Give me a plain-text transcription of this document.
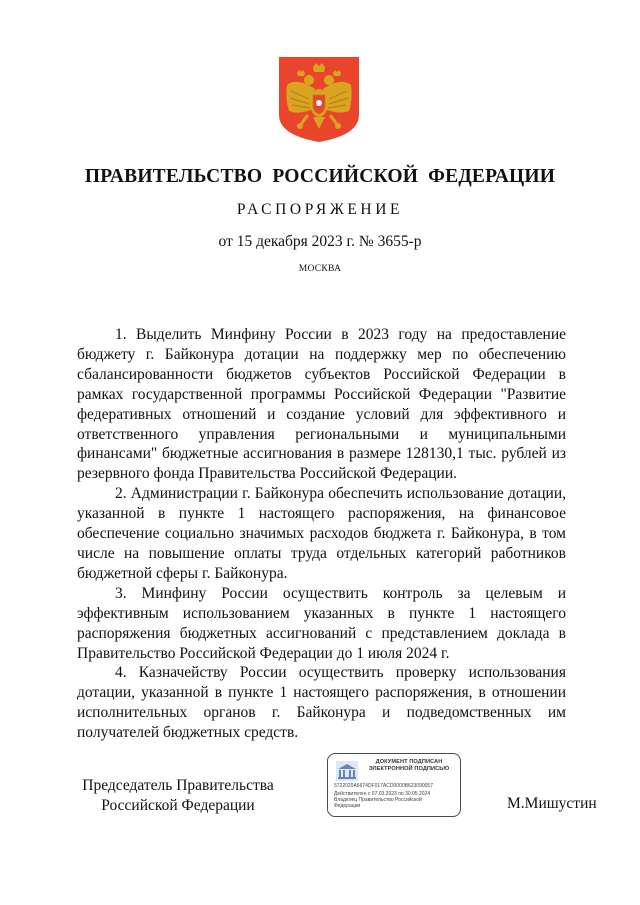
ПРАВИТЕЛЬСТВО РОССИЙСКОЙ ФЕДЕРАЦИИ
РАСПОРЯЖЕНИЕ
от 15 декабря 2023 г. № 3655-р
МОСКВА

1. Выделить Минфину России в 2023 году на предоставление бюджету г. Байконура дотации на поддержку мер по обеспечению сбалансированности бюджетов субъектов Российской Федерации в рамках государственной программы Российской Федерации "Развитие федеративных отношений и создание условий для эффективного и ответственного управления региональными и муниципальными финансами" бюджетные ассигнования в размере 128130,1 тыс. рублей из резервного фонда Правительства Российской Федерации.

2. Администрации г. Байконура обеспечить использование дотации, указанной в пункте 1 настоящего распоряжения, на финансовое обеспечение социально значимых расходов бюджета г. Байконура, в том числе на повышение оплаты труда отдельных категорий работников бюджетной сферы г. Байконура.

3. Минфину России осуществить контроль за целевым и эффективным использованием указанных в пункте 1 настоящего распоряжения бюджетных ассигнований с представлением доклада в Правительство Российской Федерации до 1 июля 2024 г.

4. Казначейству России осуществить проверку использования дотации, указанной в пункте 1 настоящего распоряжения, в отношении исполнительных органов г. Байконура и подведомственных им получателей бюджетных средств.

Председатель Правительства
Российской Федерации
ДОКУМЕНТ ПОДПИСАН
ЭЛЕКТРОННОЙ ПОДПИСЬЮ
5722020A6674DF017ACD0000B623090057
Действителен с 07.03.2023 по 30.05.2024
Владелец Правительство Российской
Федерации	М.Мишустин
